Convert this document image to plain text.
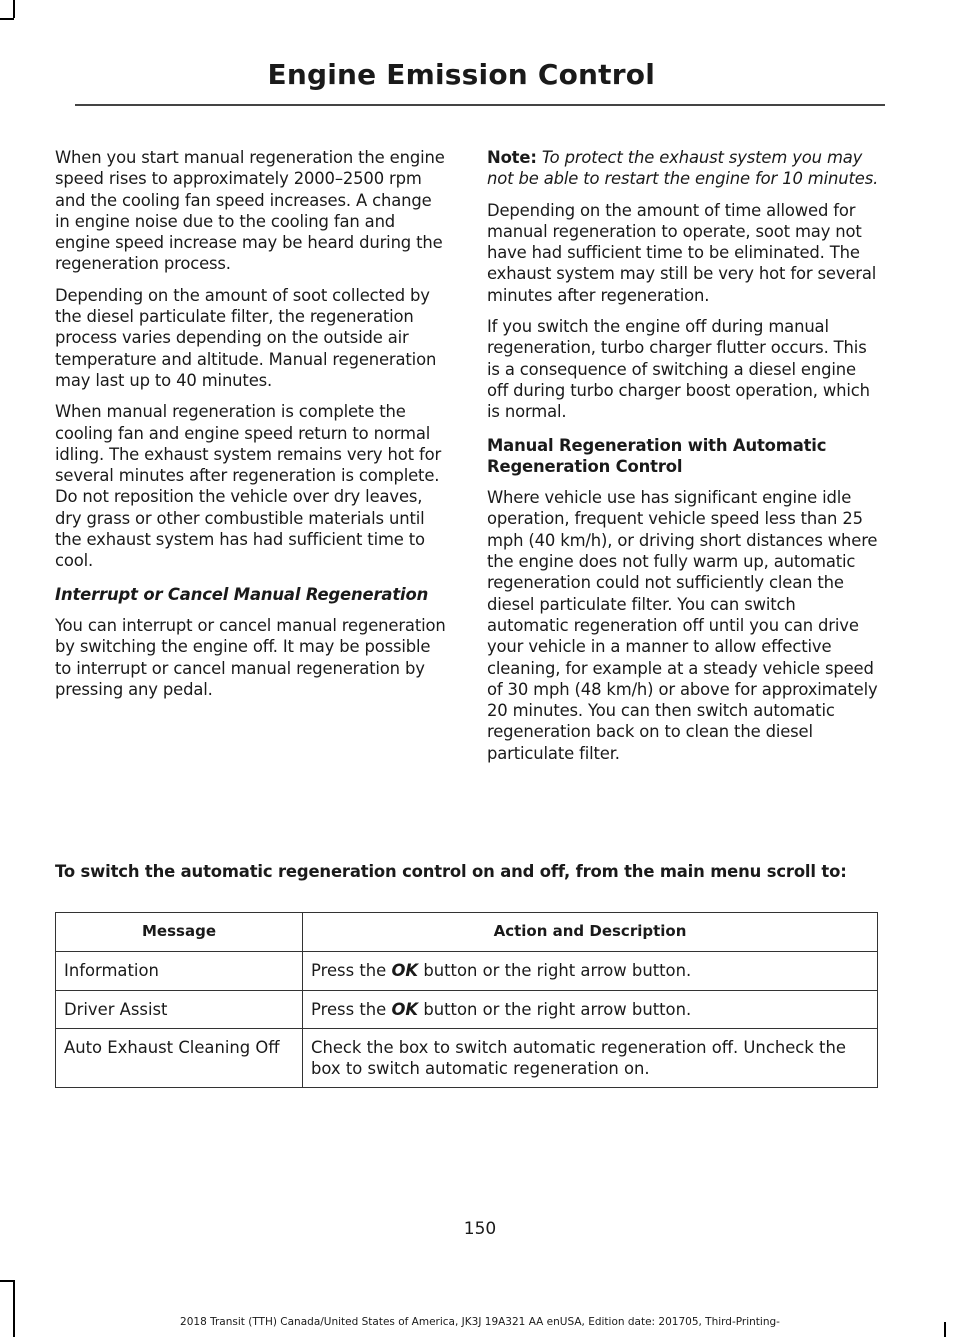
Engine Emission Control

When you start manual regeneration the engine speed rises to approximately 2000–2500 rpm and the cooling fan speed increases. A change in engine noise due to the cooling fan and engine speed increase may be heard during the regeneration process.

Depending on the amount of soot collected by the diesel particulate filter, the regeneration process varies depending on the outside air temperature and altitude. Manual regeneration may last up to 40 minutes.

When manual regeneration is complete the cooling fan and engine speed return to normal idling. The exhaust system remains very hot for several minutes after regeneration is complete. Do not reposition the vehicle over dry leaves, dry grass or other combustible materials until the exhaust system has had sufficient time to cool.

Interrupt or Cancel Manual Regeneration

You can interrupt or cancel manual regeneration by switching the engine off. It may be possible to interrupt or cancel manual regeneration by pressing any pedal.

Note: To protect the exhaust system you may not be able to restart the engine for 10 minutes.

Depending on the amount of time allowed for manual regeneration to operate, soot may not have had sufficient time to be eliminated. The exhaust system may still be very hot for several minutes after regeneration.

If you switch the engine off during manual regeneration, turbo charger flutter occurs. This is a consequence of switching a diesel engine off during turbo charger boost operation, which is normal.

Manual Regeneration with Automatic Regeneration Control

Where vehicle use has significant engine idle operation, frequent vehicle speed less than 25 mph (40 km/h), or driving short distances where the engine does not fully warm up, automatic regeneration could not sufficiently clean the diesel particulate filter. You can switch automatic regeneration off until you can drive your vehicle in a manner to allow effective cleaning, for example at a steady vehicle speed of 30 mph (48 km/h) or above for approximately 20 minutes. You can then switch automatic regeneration back on to clean the diesel particulate filter.

To switch the automatic regeneration control on and off, from the main menu scroll to:
Message	Action and Description
Information	Press the OK button or the right arrow button.
Driver Assist	Press the OK button or the right arrow button.
Auto Exhaust Cleaning Off	Check the box to switch automatic regeneration off. Uncheck the box to switch automatic regeneration on.
150
2018 Transit (TTH) Canada/United States of America, JK3J 19A321 AA enUSA, Edition date: 201705, Third-Printing-
